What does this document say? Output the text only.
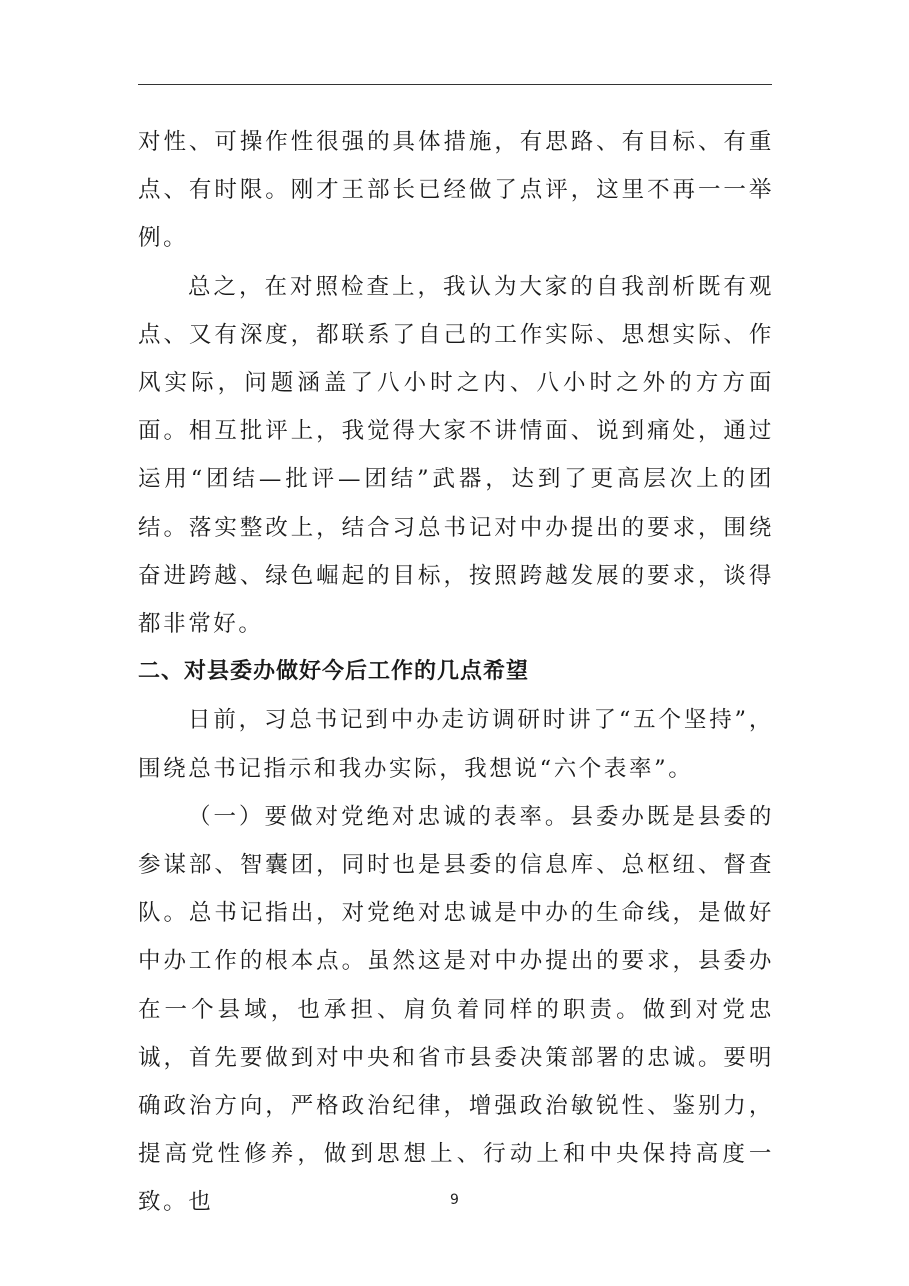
对性、可操作性很强的具体措施，有思路、有目标、有重点、有时限。刚才王部长已经做了点评，这里不再一一举例。

总之，在对照检查上，我认为大家的自我剖析既有观点、又有深度，都联系了自己的工作实际、思想实际、作风实际，问题涵盖了八小时之内、八小时之外的方方面面。相互批评上，我觉得大家不讲情面、说到痛处，通过运用“团结—批评—团结”武器，达到了更高层次上的团结。落实整改上，结合习总书记对中办提出的要求，围绕奋进跨越、绿色崛起的目标，按照跨越发展的要求，谈得都非常好。

二、对县委办做好今后工作的几点希望

日前，习总书记到中办走访调研时讲了“五个坚持”，围绕总书记指示和我办实际，我想说“六个表率”。

（一）要做对党绝对忠诚的表率。县委办既是县委的参谋部、智囊团，同时也是县委的信息库、总枢纽、督查队。总书记指出，对党绝对忠诚是中办的生命线，是做好中办工作的根本点。虽然这是对中办提出的要求，县委办在一个县域，也承担、肩负着同样的职责。做到对党忠诚，首先要做到对中央和省市县委决策部署的忠诚。要明确政治方向，严格政治纪律，增强政治敏锐性、鉴别力，提高党性修养，做到思想上、行动上和中央保持高度一致。也	9
